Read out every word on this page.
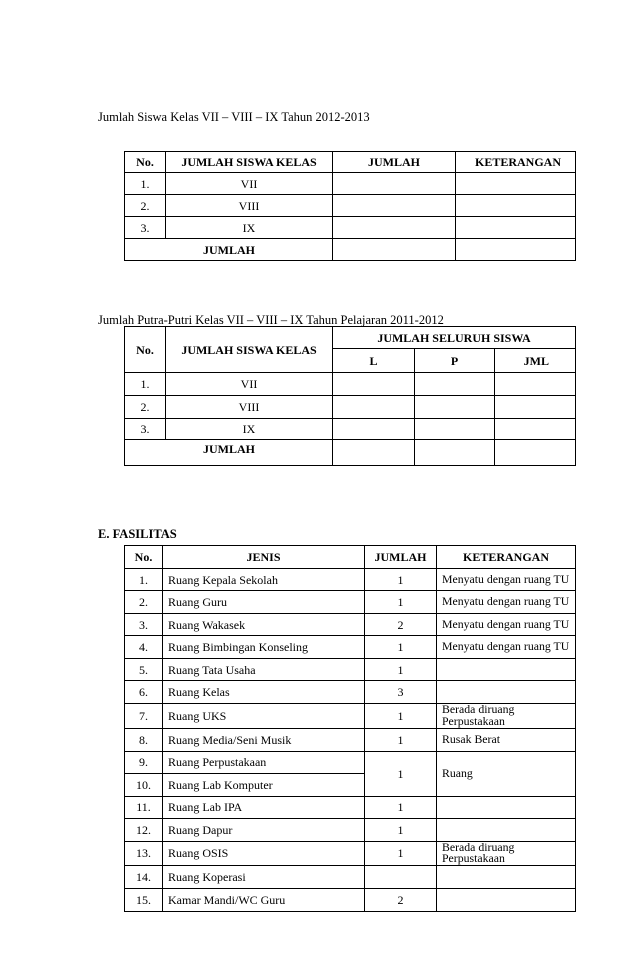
Jumlah Siswa Kelas VII – VIII – IX Tahun 2012-2013
No.	JUMLAH SISWA KELAS	JUMLAH	KETERANGAN
1.	VII		
2.	VIII		
3.	IX		
JUMLAH			
Jumlah Putra-Putri Kelas VII – VIII – IX Tahun Pelajaran 2011-2012
No.	JUMLAH SISWA KELAS	JUMLAH SELURUH SISWA		
		L	P	JML
1.	VII			
2.	VIII			
3.	IX			
JUMLAH				
E. FASILITAS
No.	JENIS	JUMLAH	KETERANGAN
1.	Ruang Kepala Sekolah	1	Menyatu dengan ruang TU
2.	Ruang Guru	1	Menyatu dengan ruang TU
3.	Ruang Wakasek	2	Menyatu dengan ruang TU
4.	Ruang Bimbingan Konseling	1	Menyatu dengan ruang TU
5.	Ruang Tata Usaha	1	
6.	Ruang Kelas	3	
7.	Ruang UKS	1	Berada diruang Perpustakaan
8.	Ruang Media/Seni Musik	1	Rusak Berat
9.	Ruang Perpustakaan	1	Ruang
10.	Ruang Lab Komputer		
11.	Ruang Lab IPA	1	
12.	Ruang Dapur	1	
13.	Ruang OSIS	1	Berada diruang Perpustakaan
14.	Ruang Koperasi		
15.	Kamar Mandi/WC Guru	2	
